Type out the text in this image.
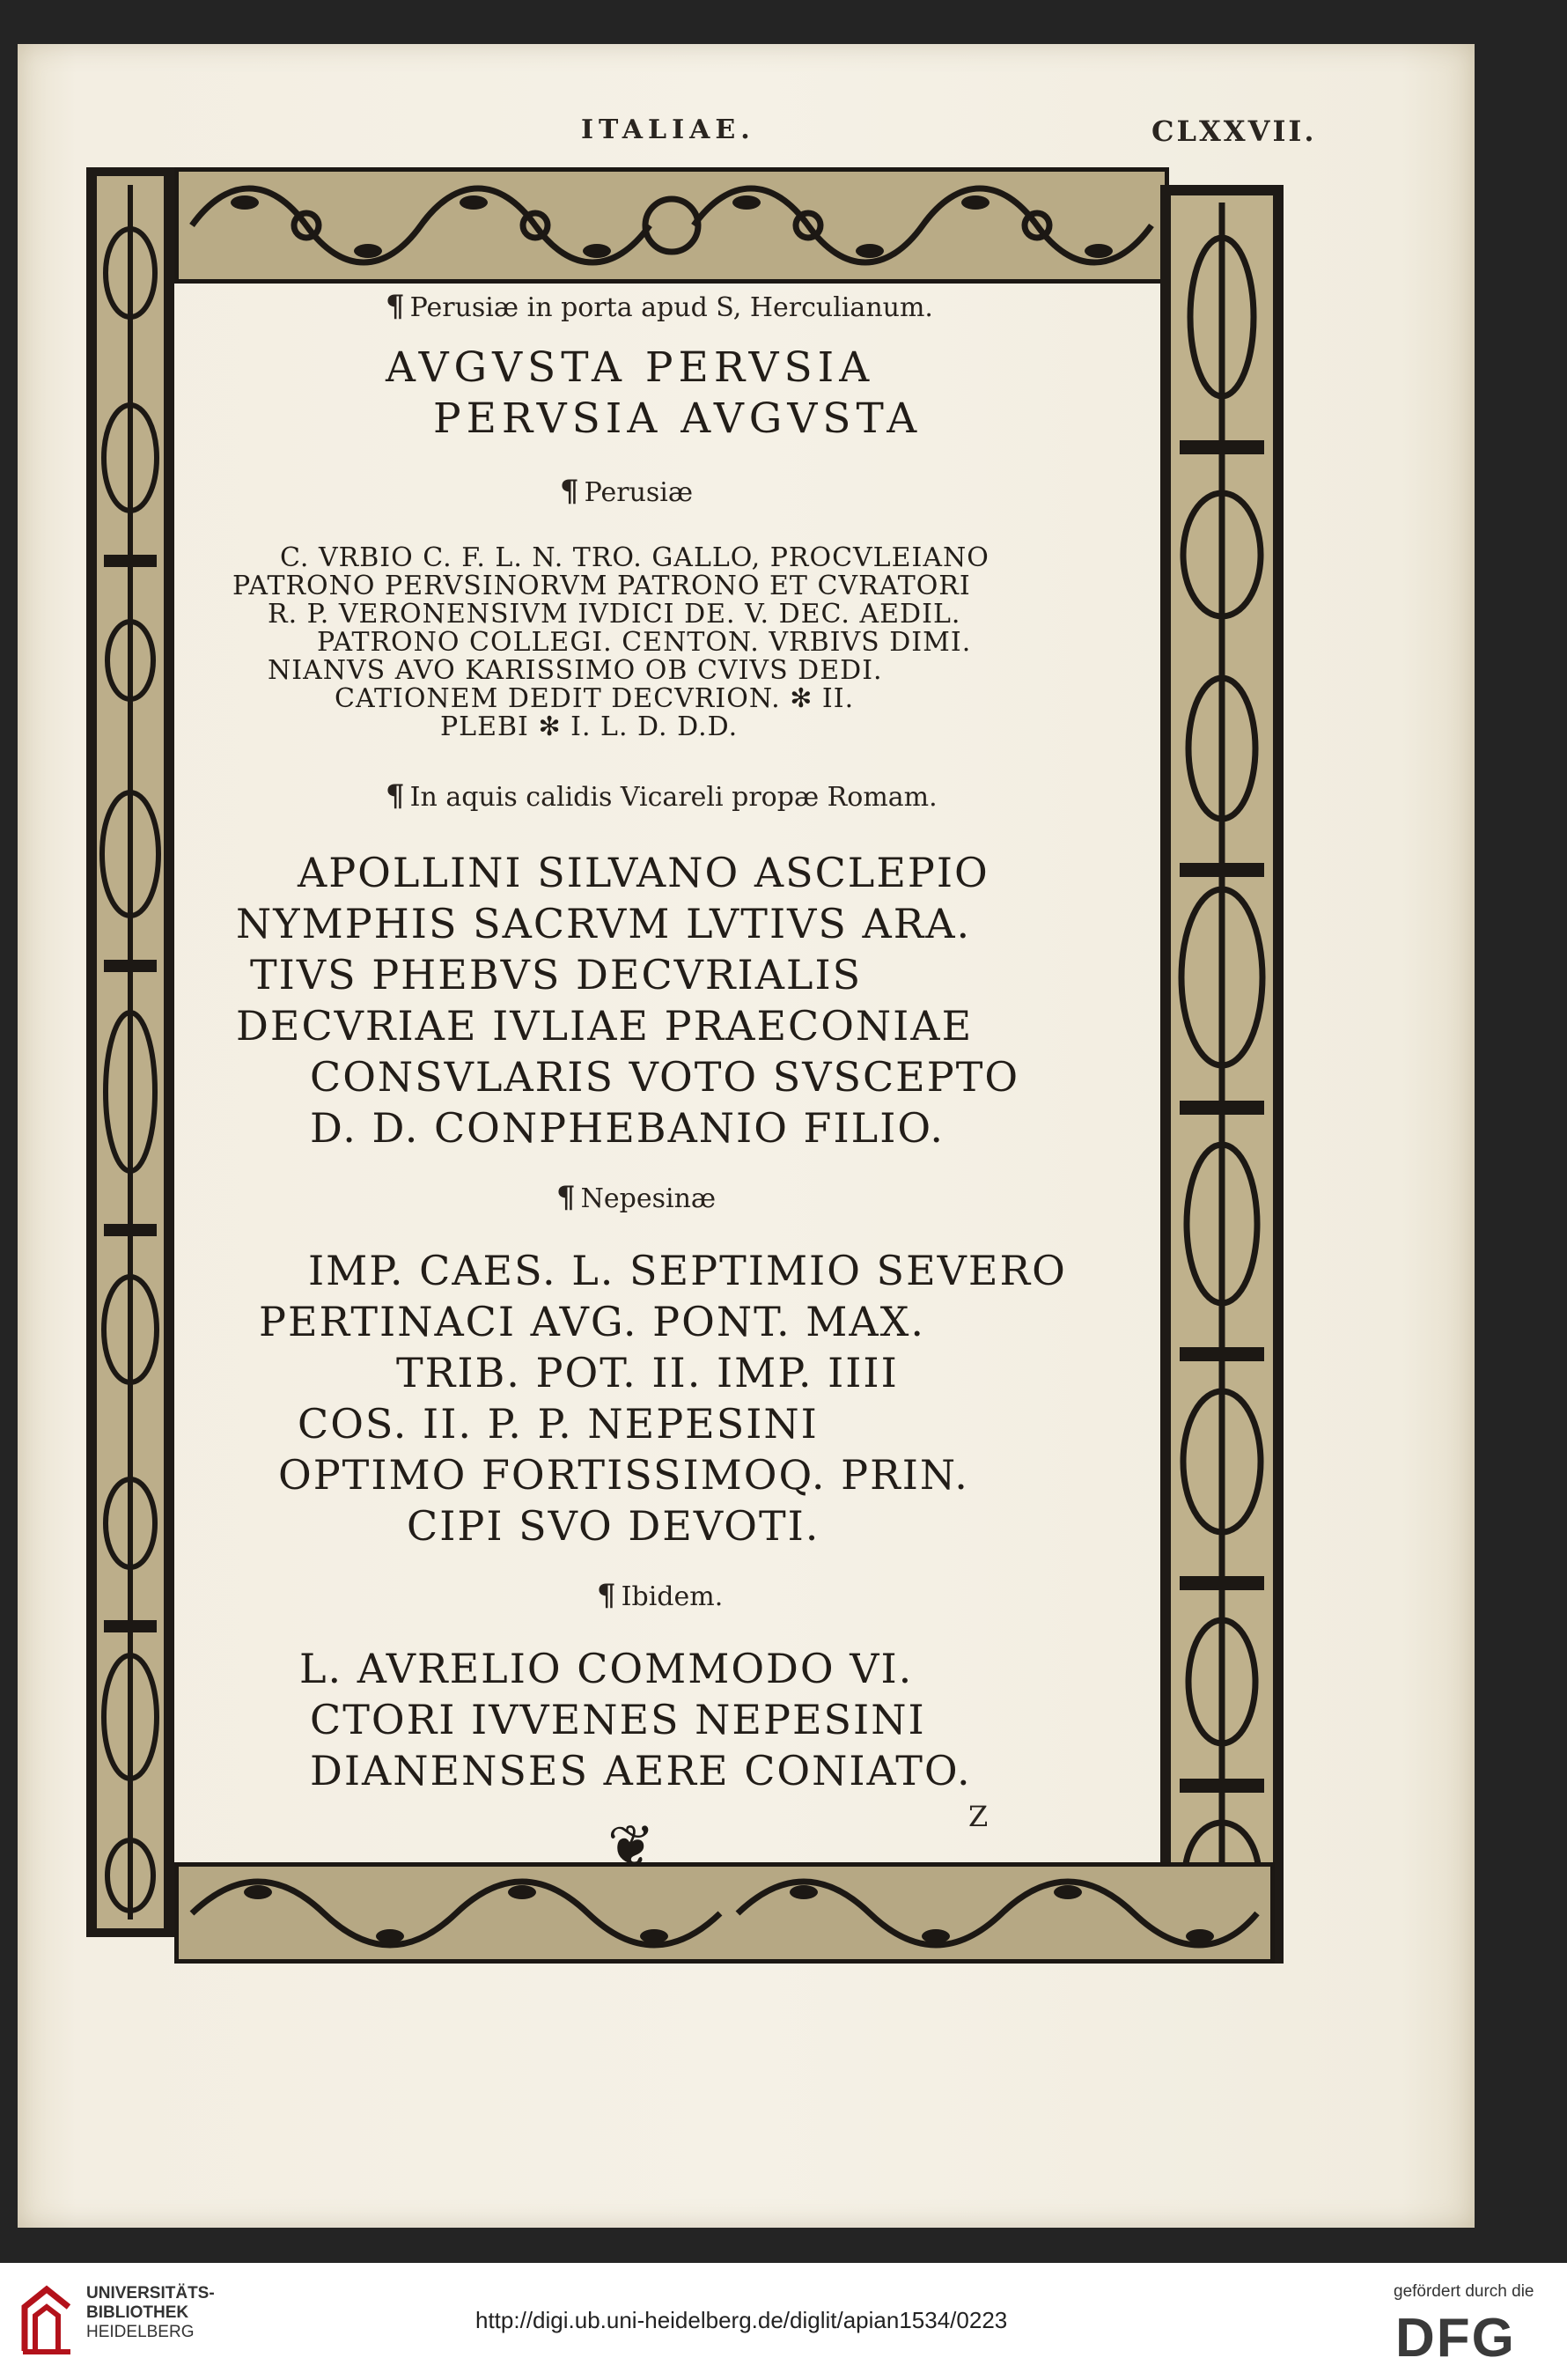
ITALIAE.	CLXXVII.
¶ Perusiæ in porta apud S, Herculianum.
AVGVSTA PERVSIA
PERVSIA AVGVSTA
¶ Perusiæ
C. VRBIO C. F. L. N. TRO. GALLO, PROCVLEIANO
PATRONO PERVSINORVM PATRONO ET CVRATORI
R. P. VERONENSIVM IVDICI DE. V. DEC. AEDIL.
PATRONO COLLEGI. CENTON. VRBIVS DIMI.
NIANVS AVO KARISSIMO OB CVIVS DEDI.
CATIONEM DEDIT DECVRION. ✻ II.
PLEBI ✻ I. L. D. D.D.
¶ In aquis calidis Vicareli propæ Romam.
APOLLINI SILVANO ASCLEPIO
NYMPHIS SACRVM LVTIVS ARA.
TIVS PHEBVS DECVRIALIS
DECVRIAE IVLIAE PRAECONIAE
CONSVLARIS VOTO SVSCEPTO
D. D. CONPHEBANIO FILIO.
¶ Nepesinæ
IMP. CAES. L. SEPTIMIO SEVERO
PERTINACI AVG. PONT. MAX.
TRIB. POT. II. IMP. IIII
COS. II. P. P. NEPESINI
OPTIMO FORTISSIMOQ. PRIN.
CIPI SVO DEVOTI.
¶ Ibidem.
L. AVRELIO COMMODO VI.
CTORI IVVENES NEPESINI
DIANENSES AERE CONIATO.
❦	Z
UNIVERSITÄTS-
BIBLIOTHEK
HEIDELBERG	http://digi.ub.uni-heidelberg.de/diglit/apian1534/0223
gefördert durch die
DFG
